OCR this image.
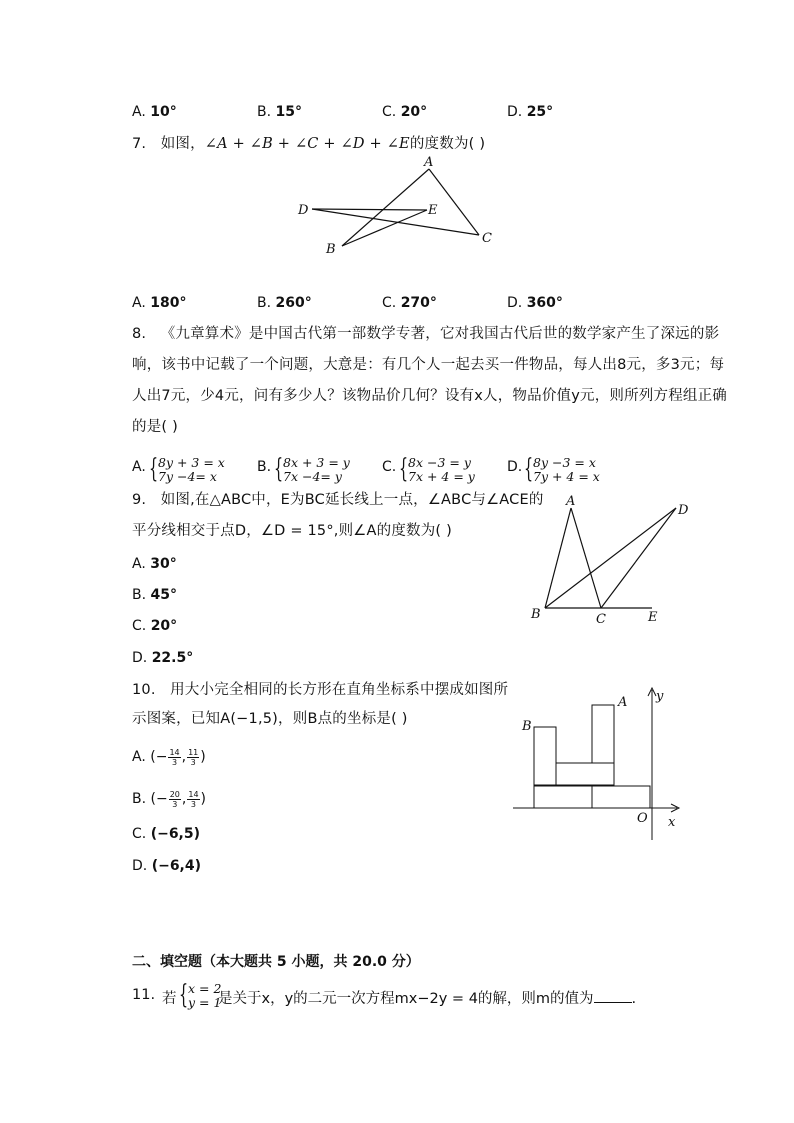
A. 10°	B. 15°	C. 20°	D. 25°
7. 如图，∠A + ∠B + ∠C + ∠D + ∠E的度数为( )
A
D	E
B
C
A. 180°	B. 260°	C. 270°	D. 360°
8. 《九章算术》是中国古代第一部数学专著，它对我国古代后世的数学家产生了深远的影
响，该书中记载了一个问题，大意是：有几个人一起去买一件物品，每人出8元，多3元；每
人出7元，少4元，问有多少人？该物品价几何？设有x人，物品价值y元，则所列方程组正确
的是( )
A. { 8y + 3 = x
7y −4= x
B. { 8x + 3 = y
7x −4= y
C. { 8x −3 = y
7x + 4 = y
D. { 8y −3 = x
7y + 4 = x
9. 如图,在△ABC中，E为BC延长线上一点，∠ABC与∠ACE的
平分线相交于点D，∠D = 15°,则∠A的度数为( )
A. 30°
B. 45°
C. 20°
D. 22.5°
A
D
B	C	E
10. 用大小完全相同的长方形在直角坐标系中摆成如图所
示图案，已知A(−1,5)，则B点的坐标是( )
A. (− $\frac{14}{3}$ , $\frac{11}{3}$ )
B. (− $\frac{20}{3}$ , $\frac{14}{3}$ )
C. (−6,5)
D. (−6,4)
B
A y
O x
二、填空题（本大题共 5 小题，共 20.0 分）
11. 若 { x = 2
y = 1
是关于x，y的二元一次方程mx−2y = 4的解，则m的值为	.
